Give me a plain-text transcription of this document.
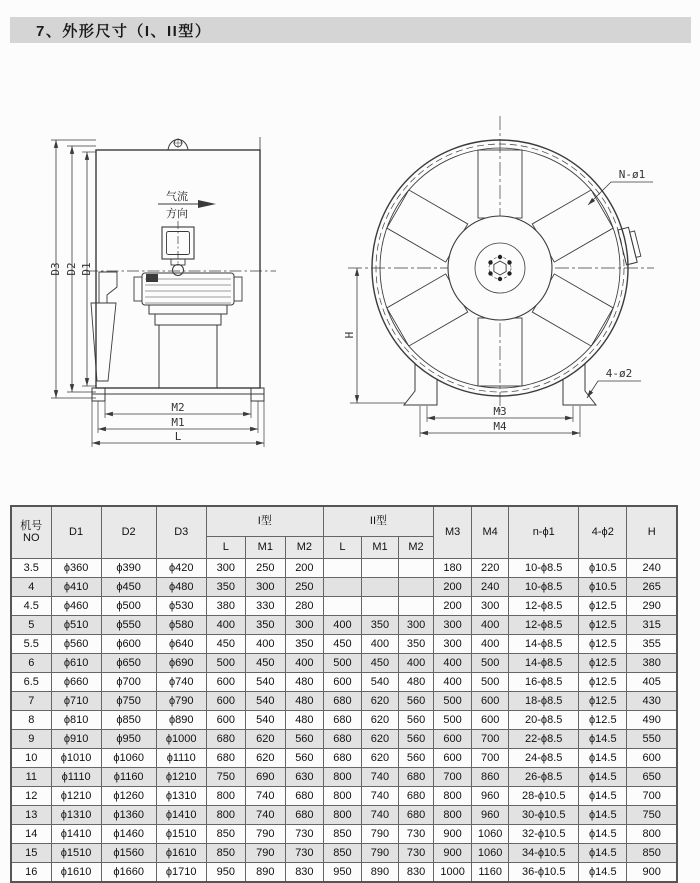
7、外形尺寸（I、II型）
D3 D2 D1
气流
方向
M2
M1
L
N-ø1
4-ø2
H
M3
M4
机号
NO	D1	D2	D3	I型			II型			M3	M4	n-ϕ1	4-ϕ2	H
				L	M1	M2	L	M1	M2					
3.5	ϕ360	ϕ390	ϕ420	300	250	200				180	220	10-ϕ8.5	ϕ10.5	240
4	ϕ410	ϕ450	ϕ480	350	300	250				200	240	10-ϕ8.5	ϕ10.5	265
4.5	ϕ460	ϕ500	ϕ530	380	330	280				200	300	12-ϕ8.5	ϕ12.5	290
5	ϕ510	ϕ550	ϕ580	400	350	300	400	350	300	300	400	12-ϕ8.5	ϕ12.5	315
5.5	ϕ560	ϕ600	ϕ640	450	400	350	450	400	350	300	400	14-ϕ8.5	ϕ12.5	355
6	ϕ610	ϕ650	ϕ690	500	450	400	500	450	400	400	500	14-ϕ8.5	ϕ12.5	380
6.5	ϕ660	ϕ700	ϕ740	600	540	480	600	540	480	400	500	16-ϕ8.5	ϕ12.5	405
7	ϕ710	ϕ750	ϕ790	600	540	480	680	620	560	500	600	18-ϕ8.5	ϕ12.5	430
8	ϕ810	ϕ850	ϕ890	600	540	480	680	620	560	500	600	20-ϕ8.5	ϕ12.5	490
9	ϕ910	ϕ950	ϕ1000	680	620	560	680	620	560	600	700	22-ϕ8.5	ϕ14.5	550
10	ϕ1010	ϕ1060	ϕ1110	680	620	560	680	620	560	600	700	24-ϕ8.5	ϕ14.5	600
11	ϕ1110	ϕ1160	ϕ1210	750	690	630	800	740	680	700	860	26-ϕ8.5	ϕ14.5	650
12	ϕ1210	ϕ1260	ϕ1310	800	740	680	800	740	680	800	960	28-ϕ10.5	ϕ14.5	700
13	ϕ1310	ϕ1360	ϕ1410	800	740	680	800	740	680	800	960	30-ϕ10.5	ϕ14.5	750
14	ϕ1410	ϕ1460	ϕ1510	850	790	730	850	790	730	900	1060	32-ϕ10.5	ϕ14.5	800
15	ϕ1510	ϕ1560	ϕ1610	850	790	730	850	790	730	900	1060	34-ϕ10.5	ϕ14.5	850
16	ϕ1610	ϕ1660	ϕ1710	950	890	830	950	890	830	1000	1160	36-ϕ10.5	ϕ14.5	900
